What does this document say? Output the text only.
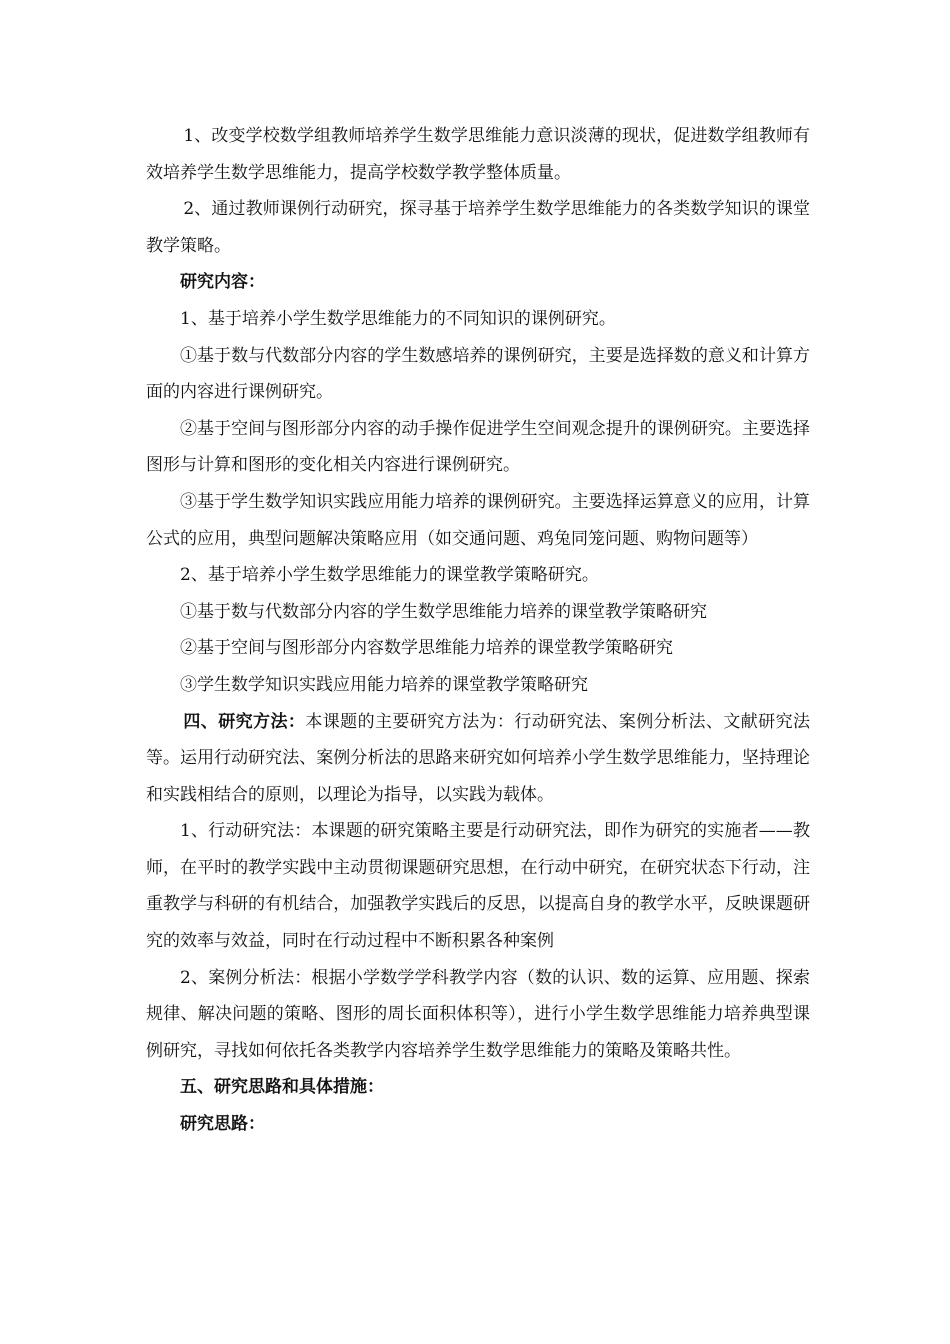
1、改变学校数学组教师培养学生数学思维能力意识淡薄的现状，促进数学组教师有效培养学生数学思维能力，提高学校数学教学整体质量。

2、通过教师课例行动研究，探寻基于培养学生数学思维能力的各类数学知识的课堂教学策略。

研究内容：

1、基于培养小学生数学思维能力的不同知识的课例研究。

①基于数与代数部分内容的学生数感培养的课例研究，主要是选择数的意义和计算方面的内容进行课例研究。

②基于空间与图形部分内容的动手操作促进学生空间观念提升的课例研究。主要选择图形与计算和图形的变化相关内容进行课例研究。

③基于学生数学知识实践应用能力培养的课例研究。主要选择运算意义的应用，计算公式的应用，典型问题解决策略应用（如交通问题、鸡兔同笼问题、购物问题等）

2、基于培养小学生数学思维能力的课堂教学策略研究。

①基于数与代数部分内容的学生数学思维能力培养的课堂教学策略研究

②基于空间与图形部分内容数学思维能力培养的课堂教学策略研究

③学生数学知识实践应用能力培养的课堂教学策略研究

四、研究方法：本课题的主要研究方法为：行动研究法、案例分析法、文献研究法等。运用行动研究法、案例分析法的思路来研究如何培养小学生数学思维能力，坚持理论和实践相结合的原则，以理论为指导，以实践为载体。

1、行动研究法：本课题的研究策略主要是行动研究法，即作为研究的实施者——教师，在平时的教学实践中主动贯彻课题研究思想，在行动中研究，在研究状态下行动，注重教学与科研的有机结合，加强教学实践后的反思，以提高自身的教学水平，反映课题研究的效率与效益，同时在行动过程中不断积累各种案例

2、案例分析法：根据小学数学学科教学内容（数的认识、数的运算、应用题、探索规律、解决问题的策略、图形的周长面积体积等），进行小学生数学思维能力培养典型课例研究，寻找如何依托各类教学内容培养学生数学思维能力的策略及策略共性。

五、研究思路和具体措施：

研究思路：
